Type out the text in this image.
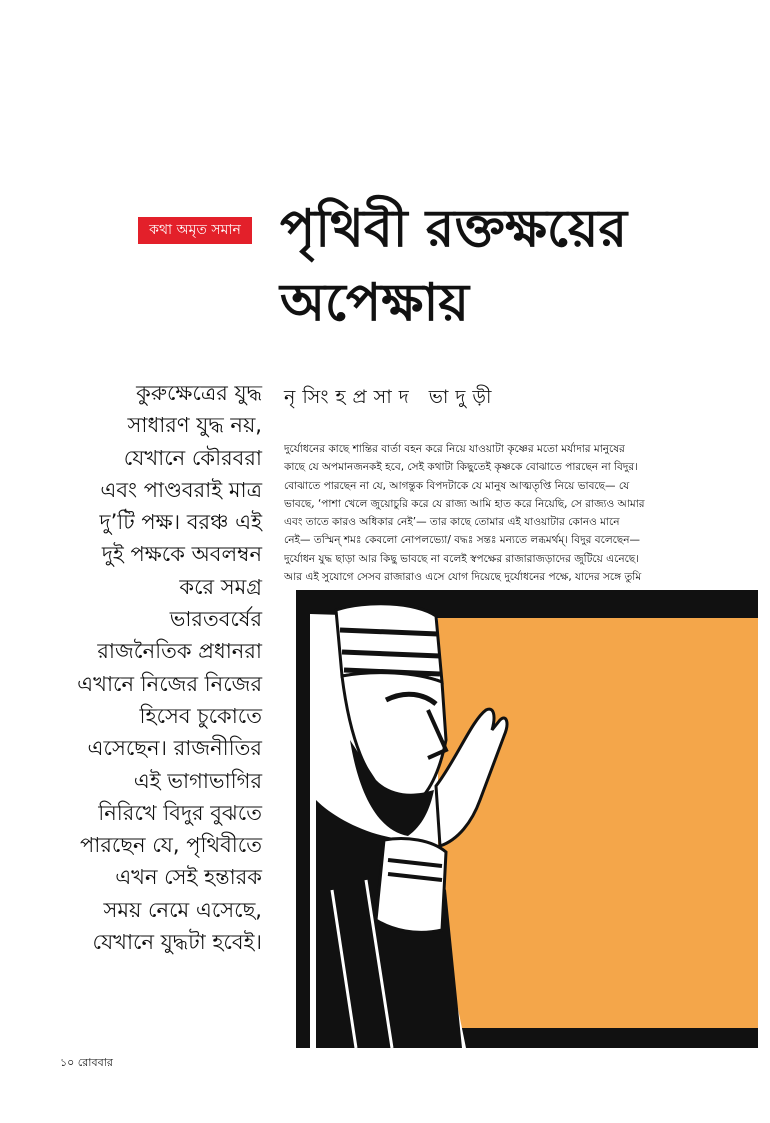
কথা অমৃত সমান পৃথিবী রক্তক্ষয়ের
অপেক্ষায়
কুরুক্ষেত্রের যুদ্ধ
সাধারণ যুদ্ধ নয়,
যেখানে কৌরবরা
এবং পাণ্ডবরাই মাত্র
দু’টি পক্ষ। বরঞ্চ এই
দুই পক্ষকে অবলম্বন
করে সমগ্র
ভারতবর্ষের
রাজনৈতিক প্রধানরা
এখানে নিজের নিজের
হিসেব চুকোতে
এসেছেন। রাজনীতির
এই ভাগাভাগির
নিরিখে বিদুর বুঝতে
পারছেন যে, পৃথিবীতে
এখন সেই হন্তারক
সময় নেমে এসেছে,
যেখানে যুদ্ধটা হবেই।
নৃসিংহপ্রসাদ ভাদুড়ী
দুর্যোধনের কাছে শান্তির বার্তা বহন করে নিয়ে যাওয়াটা কৃষ্ণের মতো মর্যাদার মানুষের
কাছে যে অপমানজনকই হবে, সেই কথাটা কিছুতেই কৃষ্ণকে বোঝাতে পারছেন না বিদুর।
বোঝাতে পারছেন না যে, আগন্তুক বিপদটাকে যে মানুষ আত্মতৃপ্তি নিয়ে ভাবছে— যে
ভাবছে, ‘পাশা খেলে জুয়োচুরি করে যে রাজ্য আমি হাত করে নিয়েছি, সে রাজ্যও আমার
এবং তাতে কারও অধিকার নেই’— তার কাছে তোমার এই যাওয়াটার কোনও মানে
নেই— তস্মিন্ শমঃ কেবলো নোপলভ্যো/ বদ্ধঃ সন্তঃ মন্যতে লব্ধমর্থম্। বিদুর বলেছেন—
দুর্যোধন যুদ্ধ ছাড়া আর কিছু ভাবছে না বলেই স্বপক্ষের রাজারাজড়াদের জুটিয়ে এনেছে।
আর এই সুযোগে সেসব রাজারাও এসে যোগ দিয়েছে দুর্যোধনের পক্ষে, যাদের সঙ্গে তুমি
১০ রোববার
